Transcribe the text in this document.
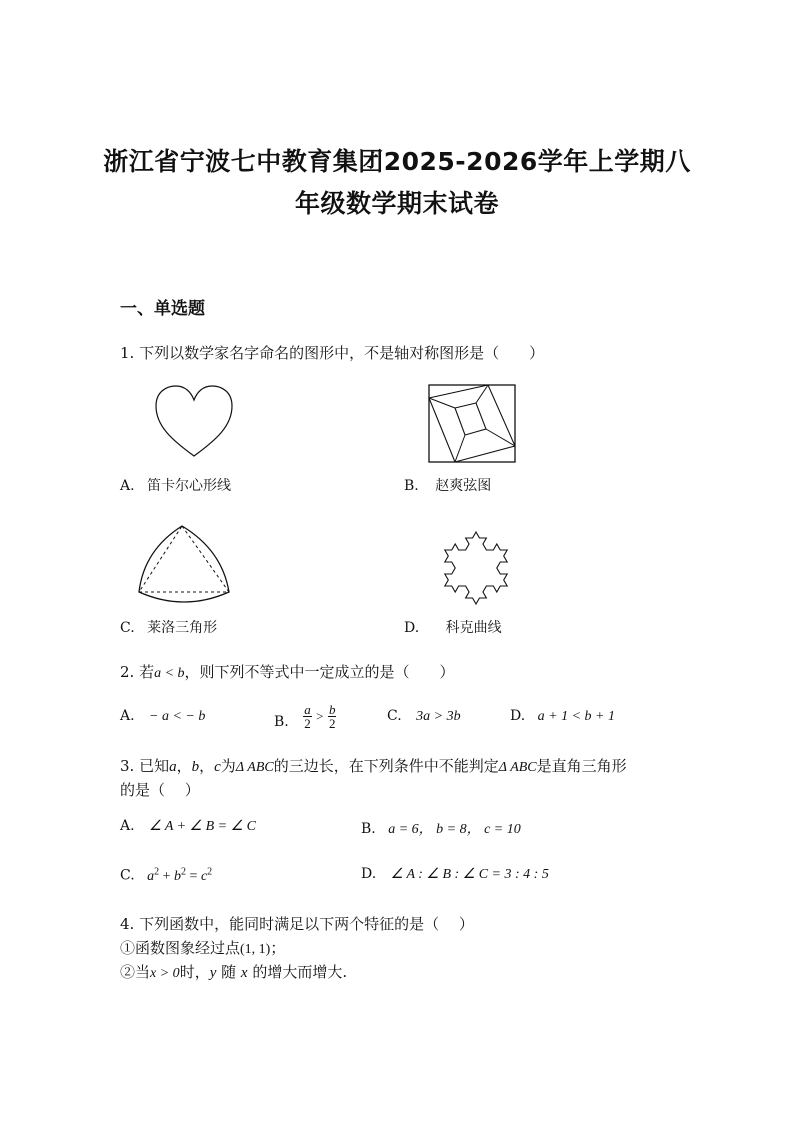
浙江省宁波七中教育集团2025-2026学年上学期八
年级数学期末试卷
一、单选题
1. 下列以数学家名字命名的图形中，不是轴对称图形是（　　）
A. 笛卡尔心形线	B. 赵爽弦图
C. 莱洛三角形	D. 科克曲线
2. 若a < b，则下列不等式中一定成立的是（　　）
A. − a < − b	B. $\frac{a}{2} > \frac{b}{2}$	C. 3a > 3b	D. a + 1 < b + 1
3. 已知a，b，c为Δ ABC的三边长，在下列条件中不能判定Δ ABC是直角三角形
的是（　 ）
A. ∠ A + ∠ B = ∠ C	B. a = 6， b = 8， c = 10
C. $a^2 + b^2 = c^2$	D. ∠ A : ∠ B : ∠ C = 3 : 4 : 5
4. 下列函数中，能同时满足以下两个特征的是（　 ）
①函数图象经过点(1, 1)；
②当x > 0时，y 随 x 的增大而增大.
